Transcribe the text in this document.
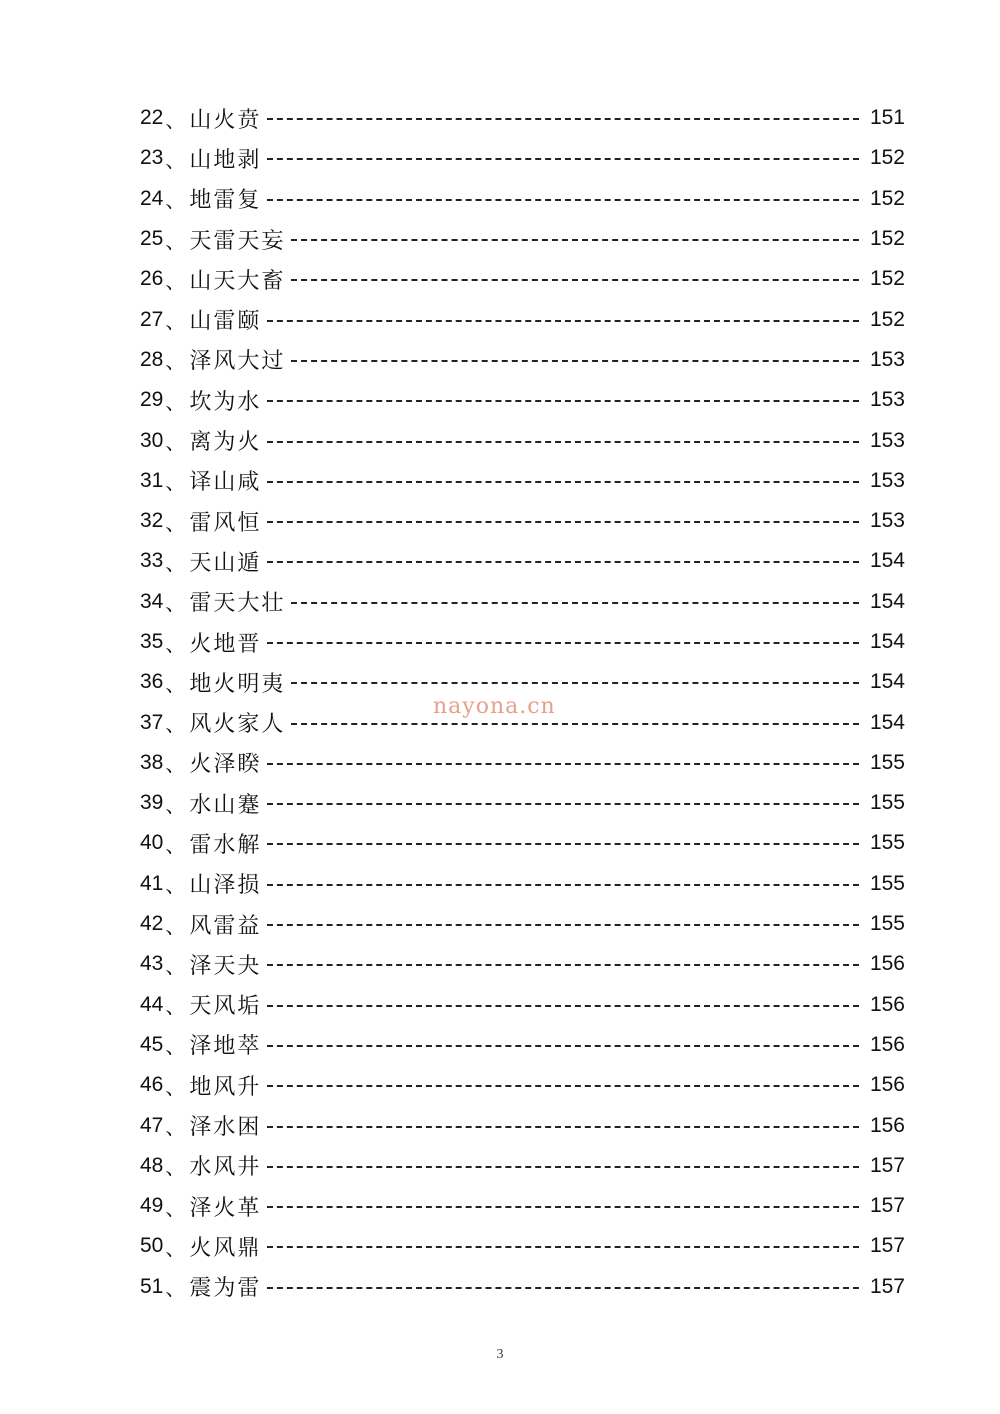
22 、 山火贲	151
23 、 山地剥	152
24 、 地雷复	152
25 、 天雷天妄	152
26 、 山天大畜	152
27 、 山雷颐	152
28 、 泽风大过	153
29 、 坎为水	153
30 、 离为火	153
31 、 译山咸	153
32 、 雷风恒	153
33 、 天山遁	154
34 、 雷天大壮	154
35 、 火地晋	154
36 、 地火明夷	154
37 、 风火家人	154
38 、 火泽睽	155
39 、 水山蹇	155
40 、 雷水解	155
41 、 山泽损	155
42 、 风雷益	155
43 、 泽天夬	156
44 、 天风垢	156
45 、 泽地萃	156
46 、 地风升	156
47 、 泽水困	156
48 、 水风井	157
49 、 泽火革	157
50 、 火风鼎	157
51 、 震为雷	157
nayona.cn
3
